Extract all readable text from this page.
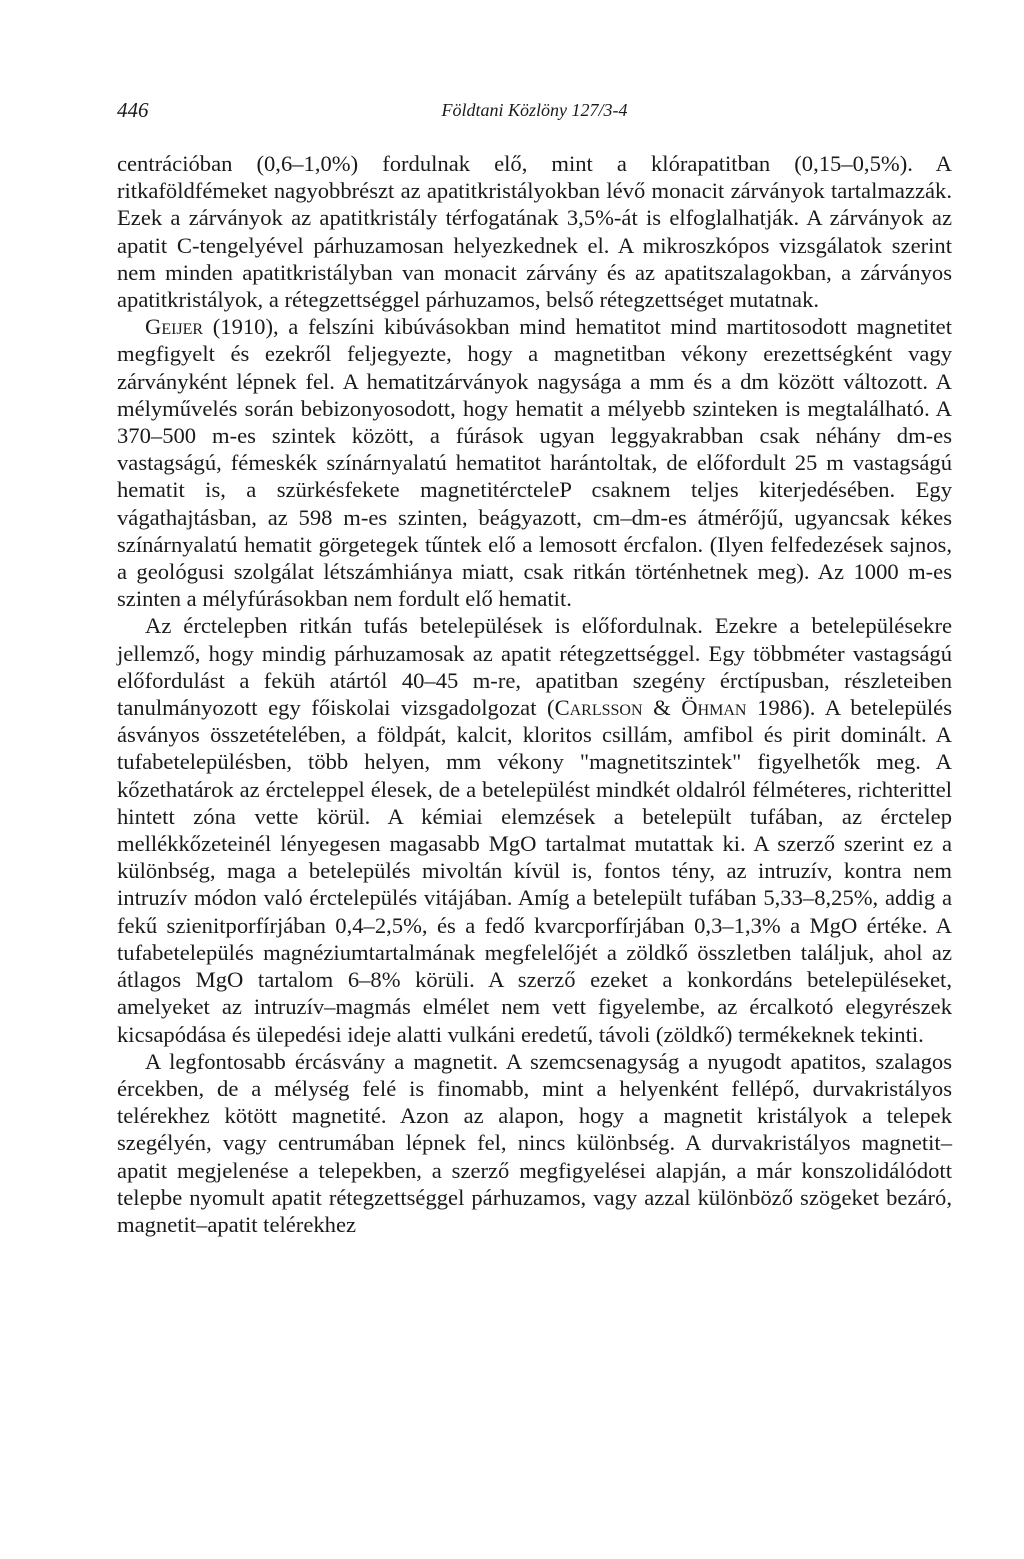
446	Földtani Közlöny 127/3-4

centrációban (0,6–1,0%) fordulnak elő, mint a klórapatitban (0,15–0,5%). A ritkaföldfémeket nagyobbrészt az apatitkristályokban lévő monacit zárványok tartalmazzák. Ezek a zárványok az apatitkristály térfogatának 3,5%-át is elfoglalhatják. A zárványok az apatit C-tengelyével párhuzamosan helyezkednek el. A mikroszkópos vizsgálatok szerint nem minden apatitkristályban van monacit zárvány és az apatitszalagokban, a zárványos apatitkristályok, a rétegzettséggel párhuzamos, belső rétegzettséget mutatnak.

Geijer (1910), a felszíni kibúvásokban mind hematitot mind martitosodott magnetitet megfigyelt és ezekről feljegyezte, hogy a magnetitban vékony erezettségként vagy zárványként lépnek fel. A hematitzárványok nagysága a mm és a dm között változott. A mélyművelés során bebizonyosodott, hogy hematit a mélyebb szinteken is megtalálható. A 370–500 m-es szintek között, a fúrások ugyan leggyakrabban csak néhány dm-es vastagságú, fémeskék színárnyalatú hematitot harántoltak, de előfordult 25 m vastagságú hematit is, a szürkésfekete magnetitércteleP csaknem teljes kiterjedésében. Egy vágathajtásban, az 598 m-es szinten, beágyazott, cm–dm-es átmérőjű, ugyancsak kékes színárnyalatú hematit görgetegek tűntek elő a lemosott ércfalon. (Ilyen felfedezések sajnos, a geológusi szolgálat létszámhiánya miatt, csak ritkán történhetnek meg). Az 1000 m-es szinten a mélyfúrásokban nem fordult elő hematit.

Az érctelepben ritkán tufás betelepülések is előfordulnak. Ezekre a betelepülésekre jellemző, hogy mindig párhuzamosak az apatit rétegzettséggel. Egy többméter vastagságú előfordulást a feküh atártól 40–45 m-re, apatitban szegény érctípusban, részleteiben tanulmányozott egy főiskolai vizsgadolgozat (Carlsson & Öhman 1986). A betelepülés ásványos összetételében, a földpát, kalcit, kloritos csillám, amfibol és pirit dominált. A tufabetelepülésben, több helyen, mm vékony "magnetitszintek" figyelhetők meg. A kőzethatárok az érctelеppel élesek, de a betelepülést mindkét oldalról félméteres, richterittel hintett zóna vette körül. A kémiai elemzések a betelepült tufában, az érctelep mellékkőzeteinél lényegesen magasabb MgO tartalmat mutattak ki. A szerző szerint ez a különbség, maga a betelepülés mivoltán kívül is, fontos tény, az intruzív, kontra nem intruzív módon való érctelepülés vitájában. Amíg a betelepült tufában 5,33–8,25%, addig a fekű szienitporfírjában 0,4–2,5%, és a fedő kvarcporfírjában 0,3–1,3% a MgO értéke. A tufabetelepülés magnéziumtartalmának megfelelőjét a zöldkő összletben találjuk, ahol az átlagos MgO tartalom 6–8% körüli. A szerző ezeket a konkordáns betelepüléseket, amelyeket az intruzív–magmás elmélet nem vett figyelembe, az ércalkotó elegyrészek kicsapódása és ülepedési ideje alatti vulkáni eredetű, távoli (zöldkő) termékeknek tekinti.

A legfontosabb ércásvány a magnetit. A szemcsenagyság a nyugodt apatitos, szalagos ércekben, de a mélység felé is finomabb, mint a helyenként fellépő, durvakristályos telérekhez kötött magnetité. Azon az alapon, hogy a magnetit kristályok a telepek szegélyén, vagy centrumában lépnek fel, nincs különbség. A durvakristályos magnetit–apatit megjelenése a telepekben, a szerző megfigyelései alapján, a már konszolidálódott telepbe nyomult apatit rétegzettséggel párhuzamos, vagy azzal különböző szögeket bezáró, magnetit–apatit telérekhez
